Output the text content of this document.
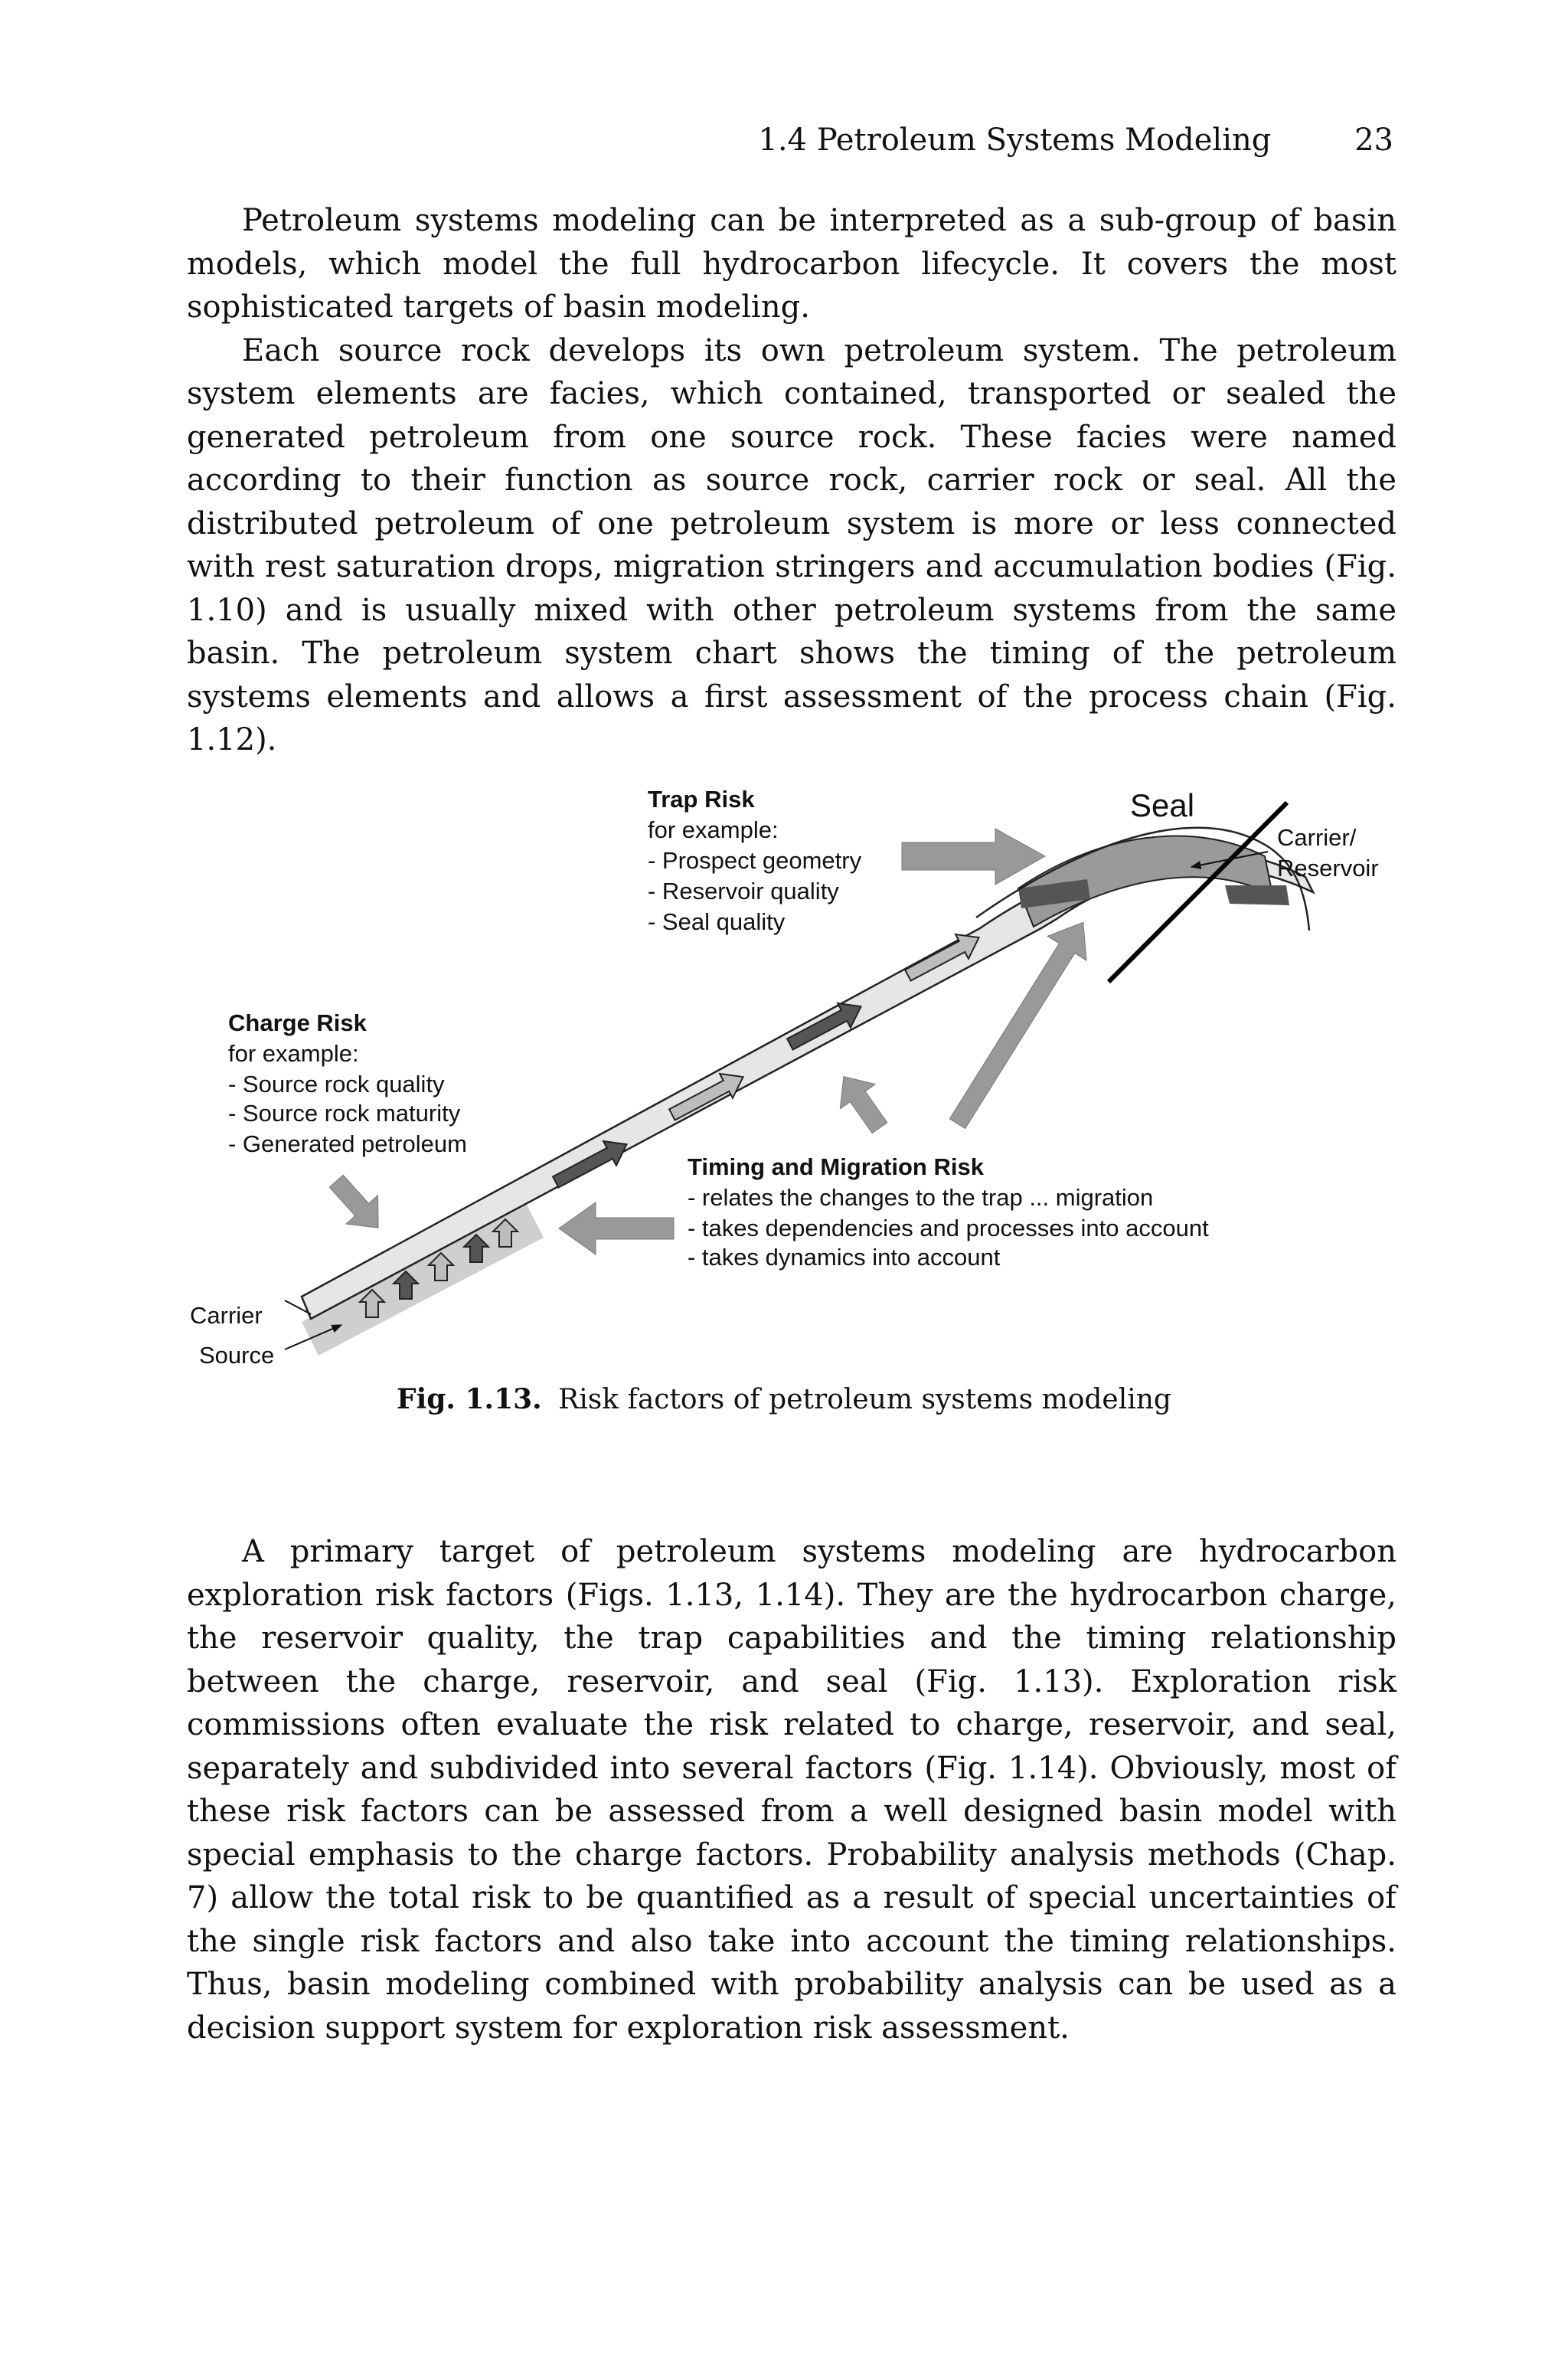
1.4 Petroleum Systems Modeling	23

Petroleum systems modeling can be interpreted as a sub-group of basin models, which model the full hydrocarbon lifecycle. It covers the most sophisticated targets of basin modeling.

Each source rock develops its own petroleum system. The petroleum system elements are facies, which contained, transported or sealed the generated petroleum from one source rock. These facies were named according to their function as source rock, carrier rock or seal. All the distributed petroleum of one petroleum system is more or less connected with rest saturation drops, migration stringers and accumulation bodies (Fig. 1.10) and is usually mixed with other petroleum systems from the same basin. The petroleum system chart shows the timing of the petroleum systems elements and allows a first assessment of the process chain (Fig. 1.12).

Trap Risk
for example:
- Prospect geometry
- Reservoir quality
- Seal quality
Seal
Carrier/
Reservoir
Charge Risk
for example:
- Source rock quality
- Source rock maturity
- Generated petroleum
Timing and Migration Risk
- relates the changes to the trap ... migration
- takes dependencies and processes into account
- takes dynamics into account
Carrier
Source
Fig. 1.13. Risk factors of petroleum systems modeling

A primary target of petroleum systems modeling are hydrocarbon exploration risk factors (Figs. 1.13, 1.14). They are the hydrocarbon charge, the reservoir quality, the trap capabilities and the timing relationship between the charge, reservoir, and seal (Fig. 1.13). Exploration risk commissions often evaluate the risk related to charge, reservoir, and seal, separately and subdivided into several factors (Fig. 1.14). Obviously, most of these risk factors can be assessed from a well designed basin model with special emphasis to the charge factors. Probability analysis methods (Chap. 7) allow the total risk to be quantified as a result of special uncertainties of the single risk factors and also take into account the timing relationships. Thus, basin modeling combined with probability analysis can be used as a decision support system for exploration risk assessment.
